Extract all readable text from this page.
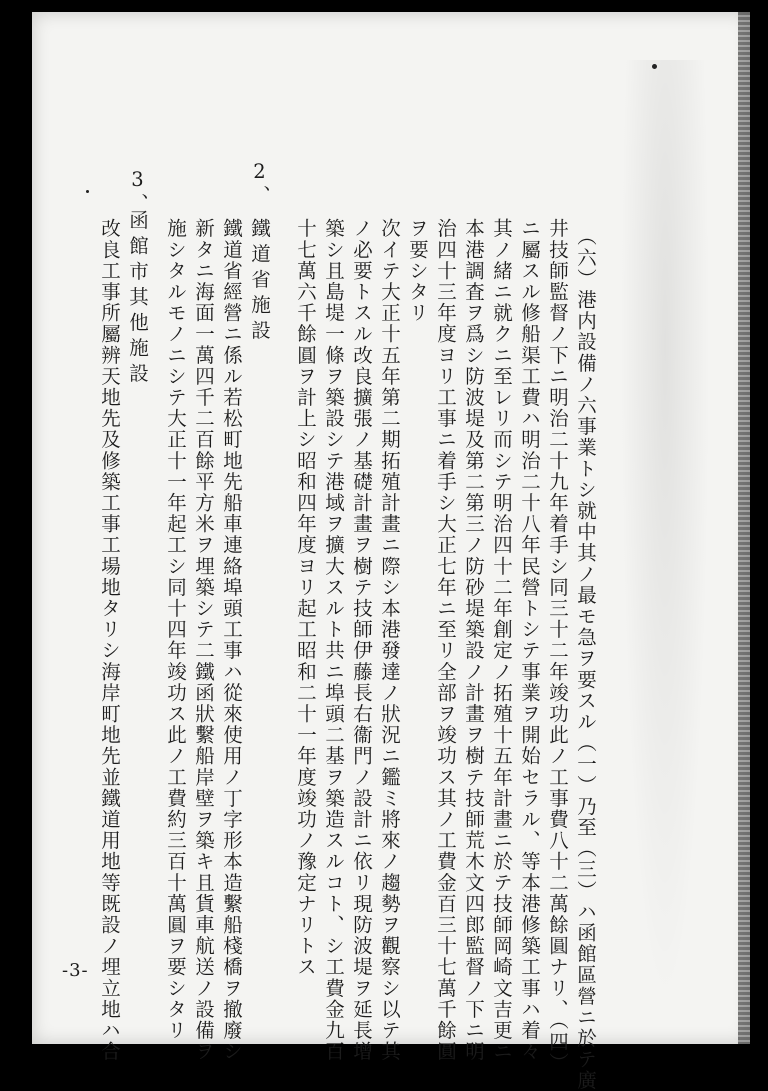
（六）港内設備ノ六事業トシ就中其ノ最モ急ヲ要スル（一）乃至（三）ハ函館區營ニ於テ廣
井技師監督ノ下ニ明治二十九年着手シ同三十二年竣功此ノ工事費八十二萬餘圓ナリ、（四）
ニ屬スル修船渠工費ハ明治二十八年民營トシテ事業ヲ開始セラル、等本港修築工事ハ着々
其ノ緒ニ就クニ至レリ而シテ明治四十二年創定ノ拓殖十五年計畫ニ於テ技師岡崎文吉更ニ
本港調査ヲ爲シ防波堤及第二第三ノ防砂堤築設ノ計畫ヲ樹テ技師荒木文四郎監督ノ下ニ明
治四十三年度ヨリ工事ニ着手シ大正七年ニ至リ全部ヲ竣功ス其ノ工費金百三十七萬千餘圓
ヲ要シタリ
次イテ大正十五年第二期拓殖計畫ニ際シ本港發達ノ狀況ニ鑑ミ將來ノ趨勢ヲ觀察シ以テ其
ノ必要トスル改良擴張ノ基礎計畫ヲ樹テ技師伊藤長右衞門ノ設計ニ依リ現防波堤ヲ延長增
築シ且島堤一條ヲ築設シテ港域ヲ擴大スルト共ニ埠頭二基ヲ築造スルコト、シ工費金九百
十七萬六千餘圓ヲ計上シ昭和四年度ヨリ起工昭和二十一年度竣功ノ豫定ナリトス
2、
鐵道省施設
鐵道省經營ニ係ル若松町地先船車連絡埠頭工事ハ從來使用ノ丁字形本造繫船棧橋ヲ撤廢シ
新タニ海面一萬四千二百餘平方米ヲ埋築シテ二鐵函狀繫船岸壁ヲ築キ且貨車航送ノ設備ヲ
施シタルモノニシテ大正十一年起工シ同十四年竣功ス此ノ工費約三百十萬圓ヲ要シタリ
3、
函館市其他施設
改良工事所屬辨天地先及修築工事工場地タリシ海岸町地先並鐵道用地等既設ノ埋立地ハ合
-3-
